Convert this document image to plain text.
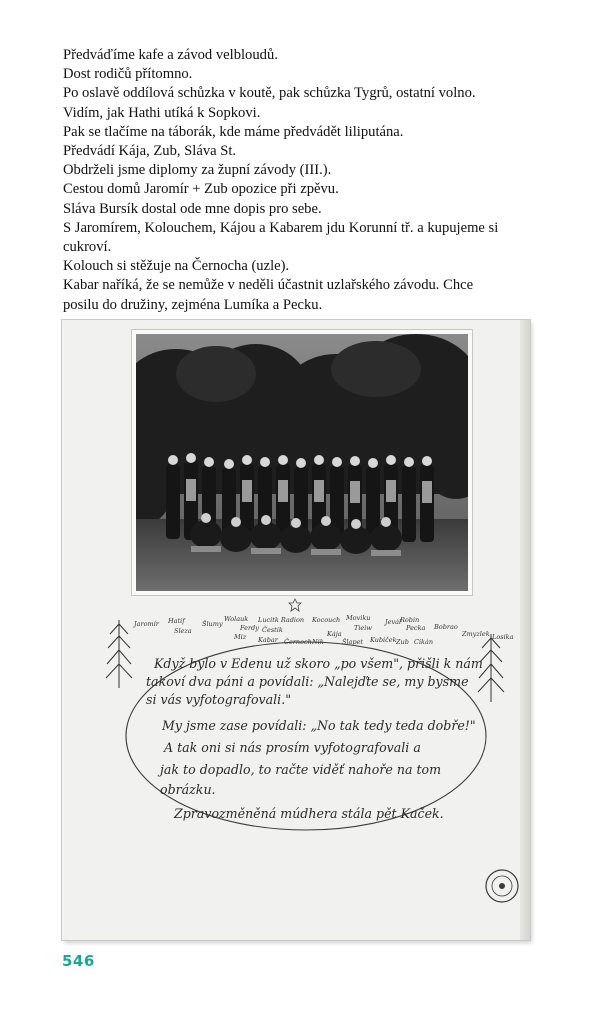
Předváďíme kafe a závod velbloudů.
Dost rodičů přítomno.
Po oslavě oddílová schůzka v koutě, pak schůzka Tygrů, ostatní volno.
Vidím, jak Hathi utíká k Sopkovi.
Pak se tlačíme na táborák, kde máme předvádět liliputána.
Předvádí Kája, Zub, Sláva St.
Obdrželi jsme diplomy za župní závody (III.).
Cestou domů Jaromír + Zub opozice při zpěvu.
Sláva Bursík dostal ode mne dopis pro sebe.
S Jaromírem, Kolouchem, Kájou a Kabarem jdu Korunní tř. a kupujeme si
cukroví.
Kolouch si stěžuje na Černocha (uzle).
Kabar naříká, že se nemůže v neděli účastnit uzlařského závodu. Chce
posilu do družiny, zejména Lumíka a Pecku.
Jaromír Hatif
Sleza
Šlumy
Wolauk
Ferdy Čestik
Lucitk Radion Kocouch Moviku
Kája
Tieiw
Jevál
Pecka Bobrao
Robin
Miz Kabar Černoch Nik	Šlapet Kubiček Zub Cikán
Zmyzlek Losika
Když bylo v Edenu už skoro „po všem", přišli k nám
takoví dva páni a povídali: „Nalejďte se, my bysme
si vás vyfotografovali."
My jsme zase povídali: „No tak tedy teda dobře!"
A tak oni si nás prosím vyfotografovali a
jak to dopadlo, to račte viděť nahoře na tom
obrázku.
Zpravozměněná múdhera stála pět Kaček.
546
